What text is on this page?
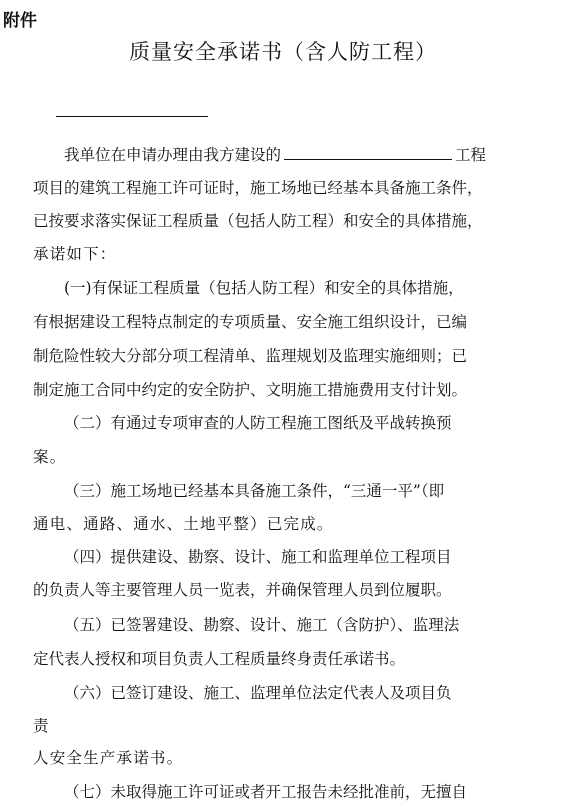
附件
质量安全承诺书（含人防工程）
我单位在申请办理由我方建设的	工程
项目的建筑工程施工许可证时，施工场地已经基本具备施工条件，
已按要求落实保证工程质量（包括人防工程）和安全的具体措施，
承诺如下：
(一)有保证工程质量（包括人防工程）和安全的具体措施，
有根据建设工程特点制定的专项质量、安全施工组织设计，已编
制危险性较大分部分项工程清单、监理规划及监理实施细则；已
制定施工合同中约定的安全防护、文明施工措施费用支付计划。
（二）有通过专项审查的人防工程施工图纸及平战转换预
案。
（三）施工场地已经基本具备施工条件，“三通一平”（即
通电、通路、通水、土地平整）已完成。
（四）提供建设、勘察、设计、施工和监理单位工程项目
的负责人等主要管理人员一览表，并确保管理人员到位履职。
（五）已签署建设、勘察、设计、施工（含防护）、监理法
定代表人授权和项目负责人工程质量终身责任承诺书。
（六）已签订建设、施工、监理单位法定代表人及项目负
责
人安全生产承诺书。
（七）未取得施工许可证或者开工报告未经批准前，无擅自
